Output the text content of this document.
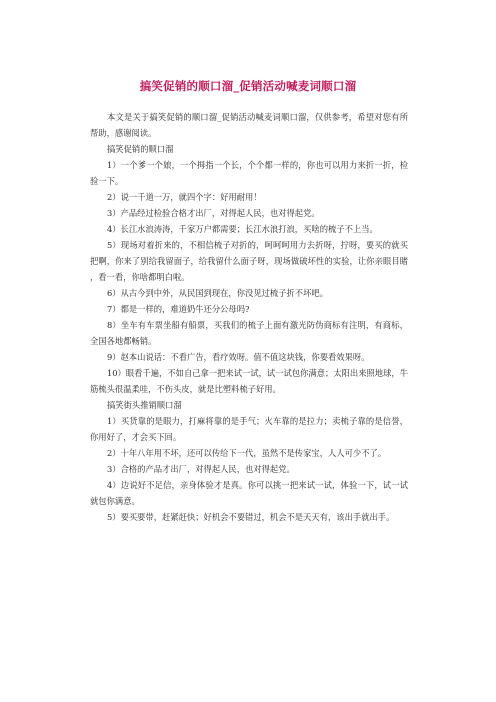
搞笑促销的顺口溜_促销活动喊麦词顺口溜

本文是关于搞笑促销的顺口溜_促销活动喊麦词顺口溜，仅供参考，希望对您有所帮助，感谢阅读。

搞笑促销的顺口溜

1）一个爹一个娘，一个拇指一个长，个个都一样的，你也可以用力来折一折，检验一下。

2）说一千道一万，就四个字：好用耐用！

3）产品经过检验合格才出厂，对得起人民，也对得起党。

4）长江水浪涛涛，千家万户都需要；长江水浪打浪，买啥的梳子不上当。

5）现场对着折来的，不相信梳子对折的，呵呵呵用力去折呀，拧呀，要买的就买把啊，你来了别给我留面子，给我留什么面子呀，现场做破坏性的实验，让你亲眼目睹，看一看，你啥都明白啦。

6）从古今到中外，从民国到现在，你没见过梳子折不坏吧。

7）都是一样的，难道奶牛还分公母吗?

8）坐车有车票坐船有船票，买我们的梳子上面有激光防伪商标有注明，有商标，全国各地都畅销。

9）赵本山说话：不看广告，看疗效呀。值不值这块钱，你要看效果呀。

10）眼看千遍，不如自己拿一把来试一试，试一试包你满意；太阳出来照地球，牛筋梳头很温柔哇，不伤头皮，就是比塑料梳子好用。

搞笑街头推销顺口溜

1）买货靠的是眼力，打麻将靠的是手气；火车靠的是拉力；卖梳子靠的是信誉，你用好了，才会买下回。

2）十年八年用不坏，还可以传给下一代，虽然不是传家宝，人人可少不了。

3）合格的产品才出厂，对得起人民，也对得起党。

4）边说好不足信，亲身体验才是真。你可以挑一把来试一试，体验一下，试一试就包你满意。

5）要买要带，赶紧赶快；好机会不要错过，机会不是天天有，该出手就出手。
